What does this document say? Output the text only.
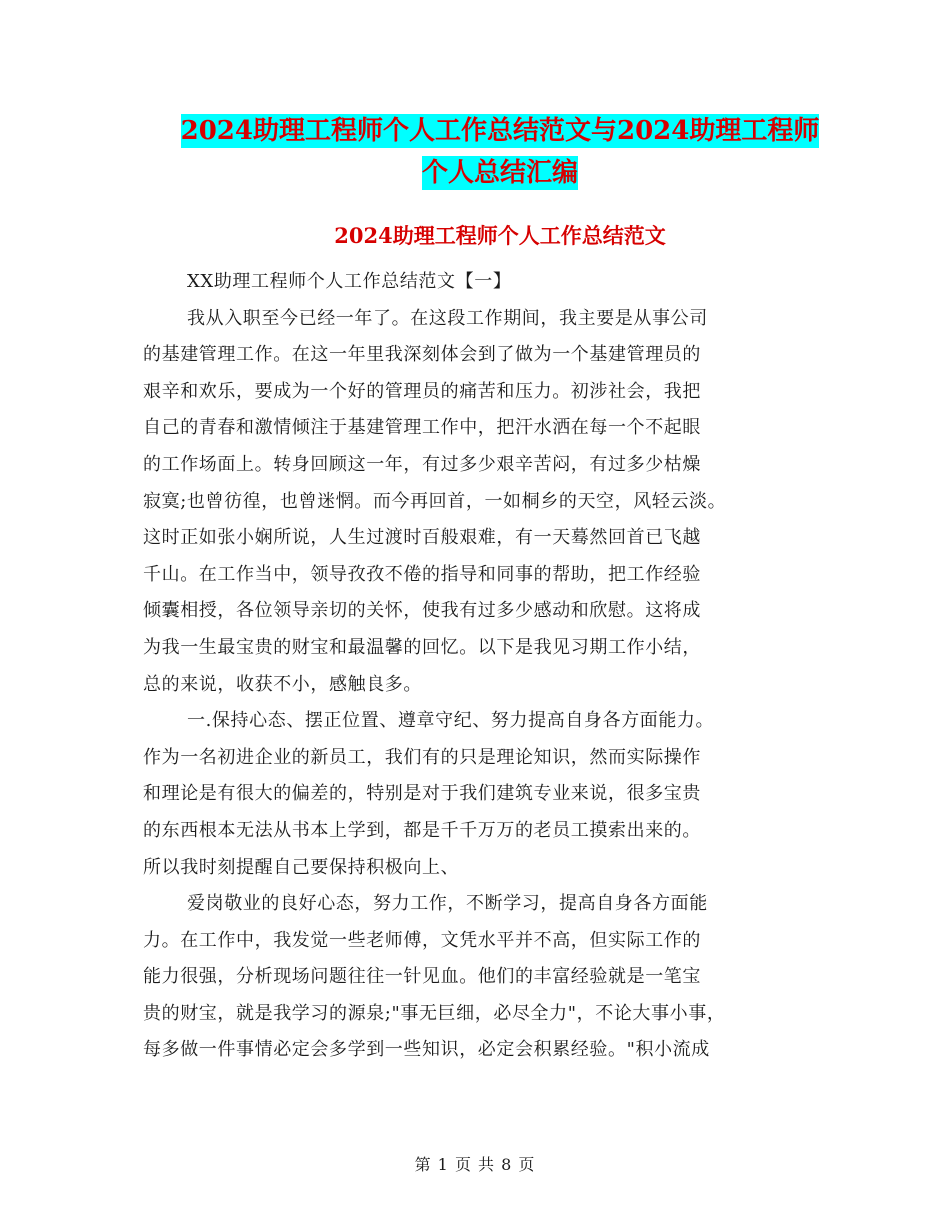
2024助理工程师个人工作总结范文与2024助理工程师
个人总结汇编
2024助理工程师个人工作总结范文
XX助理工程师个人工作总结范文【一】
我从入职至今已经一年了。在这段工作期间，我主要是从事公司
的基建管理工作。在这一年里我深刻体会到了做为一个基建管理员的
艰辛和欢乐，要成为一个好的管理员的痛苦和压力。初涉社会，我把
自己的青春和激情倾注于基建管理工作中，把汗水洒在每一个不起眼
的工作场面上。转身回顾这一年，有过多少艰辛苦闷，有过多少枯燥
寂寞;也曾彷徨，也曾迷惘。而今再回首，一如桐乡的天空，风轻云淡。
这时正如张小娴所说，人生过渡时百般艰难，有一天蓦然回首已飞越
千山。在工作当中，领导孜孜不倦的指导和同事的帮助，把工作经验
倾囊相授，各位领导亲切的关怀，使我有过多少感动和欣慰。这将成
为我一生最宝贵的财宝和最温馨的回忆。以下是我见习期工作小结，
总的来说，收获不小，感触良多。
一.保持心态、摆正位置、遵章守纪、努力提高自身各方面能力。
作为一名初进企业的新员工，我们有的只是理论知识，然而实际操作
和理论是有很大的偏差的，特别是对于我们建筑专业来说，很多宝贵
的东西根本无法从书本上学到，都是千千万万的老员工摸索出来的。
所以我时刻提醒自己要保持积极向上、
爱岗敬业的良好心态，努力工作，不断学习，提高自身各方面能
力。在工作中，我发觉一些老师傅，文凭水平并不高，但实际工作的
能力很强，分析现场问题往往一针见血。他们的丰富经验就是一笔宝
贵的财宝，就是我学习的源泉;"事无巨细，必尽全力"，不论大事小事，
每多做一件事情必定会多学到一些知识，必定会积累经验。"积小流成
第 1 页 共 8 页
